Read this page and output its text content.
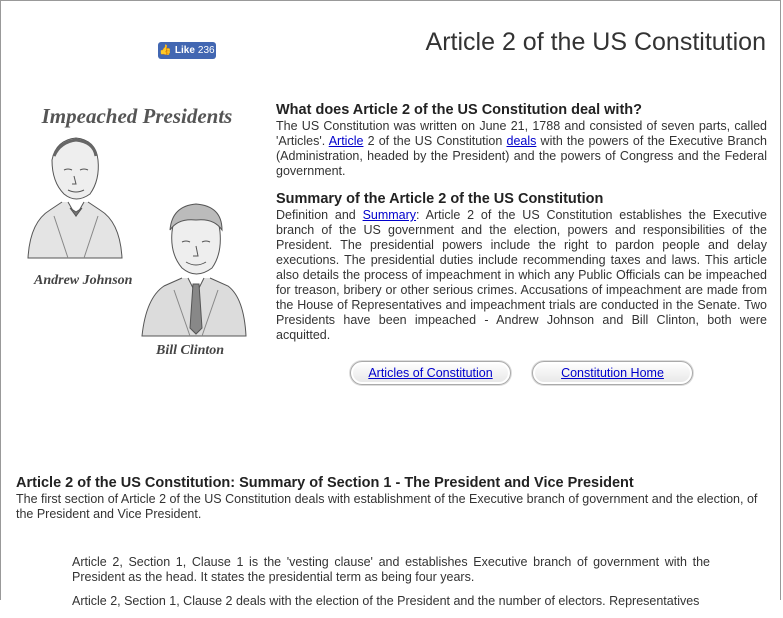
👍 Like 236	Article 2 of the US Constitution
Impeached Presidents
Andrew Johnson
Bill Clinton
What does Article 2 of the US Constitution deal with?

The US Constitution was written on June 21, 1788 and consisted of seven parts, called 'Articles'. Article 2 of the US Constitution deals with the powers of the Executive Branch (Administration, headed by the President) and the powers of Congress and the Federal government.

Summary of the Article 2 of the US Constitution

Definition and Summary: Article 2 of the US Constitution establishes the Executive branch of the US government and the election, powers and responsibilities of the President. The presidential powers include the right to pardon people and delay executions. The presidential duties include recommending taxes and laws. This article also details the process of impeachment in which any Public Officials can be impeached for treason, bribery or other serious crimes. Accusations of impeachment are made from the House of Representatives and impeachment trials are conducted in the Senate. Two Presidents have been impeached - Andrew Johnson and Bill Clinton, both were acquitted.

Articles of Constitution	Constitution Home
Article 2 of the US Constitution: Summary of Section 1 - The President and Vice President

The first section of Article 2 of the US Constitution deals with establishment of the Executive branch of government and the election, of the President and Vice President.

Article 2, Section 1, Clause 1 is the 'vesting clause' and establishes Executive branch of government with the President as the head. It states the presidential term as being four years.

Article 2, Section 1, Clause 2 deals with the election of the President and the number of electors. Representatives
